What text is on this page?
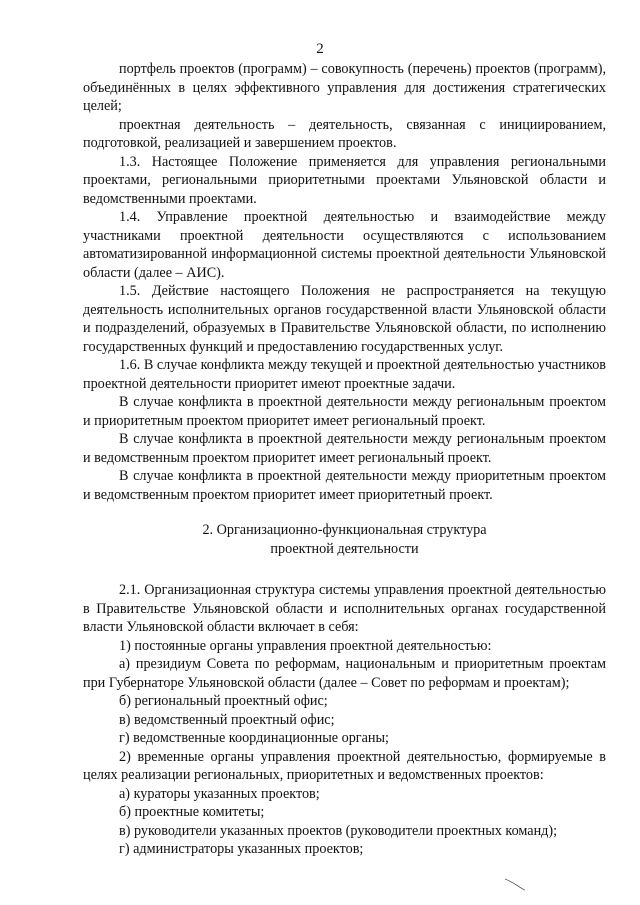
2

портфель проектов (программ) – совокупность (перечень) проектов (программ), объединённых в целях эффективного управления для достижения стратегических целей;

проектная деятельность – деятельность, связанная с инициированием, подготовкой, реализацией и завершением проектов.

1.3. Настоящее Положение применяется для управления региональными проектами, региональными приоритетными проектами Ульяновской области и ведомственными проектами.

1.4. Управление проектной деятельностью и взаимодействие между участниками проектной деятельности осуществляются с использованием автоматизированной информационной системы проектной деятельности Ульяновской области (далее – АИС).

1.5. Действие настоящего Положения не распространяется на текущую деятельность исполнительных органов государственной власти Ульяновской области и подразделений, образуемых в Правительстве Ульяновской области, по исполнению государственных функций и предоставлению государственных услуг.

1.6. В случае конфликта между текущей и проектной деятельностью участников проектной деятельности приоритет имеют проектные задачи.

В случае конфликта в проектной деятельности между региональным проектом и приоритетным проектом приоритет имеет региональный проект.

В случае конфликта в проектной деятельности между региональным проектом и ведомственным проектом приоритет имеет региональный проект.

В случае конфликта в проектной деятельности между приоритетным проектом и ведомственным проектом приоритет имеет приоритетный проект.

2. Организационно-функциональная структура
проектной деятельности

2.1. Организационная структура системы управления проектной деятельностью в Правительстве Ульяновской области и исполнительных органах государственной власти Ульяновской области включает в себя:

1) постоянные органы управления проектной деятельностью:

а) президиум Совета по реформам, национальным и приоритетным проектам при Губернаторе Ульяновской области (далее – Совет по реформам и проектам);

б) региональный проектный офис;

в) ведомственный проектный офис;

г) ведомственные координационные органы;

2) временные органы управления проектной деятельностью, формируемые в целях реализации региональных, приоритетных и ведомственных проектов:

а) кураторы указанных проектов;

б) проектные комитеты;

в) руководители указанных проектов (руководители проектных команд);

г) администраторы указанных проектов;
